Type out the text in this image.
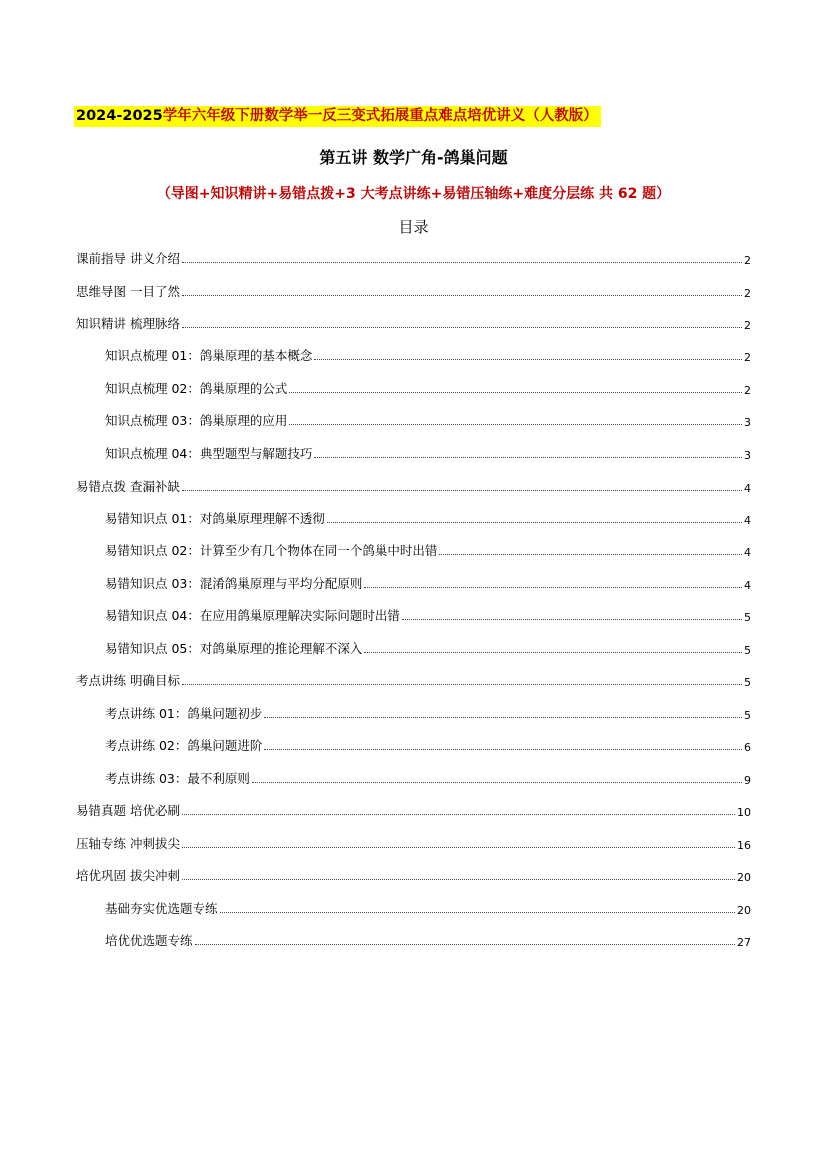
2024-2025学年六年级下册数学举一反三变式拓展重点难点培优讲义（人教版）
第五讲 数学广角-鸽巢问题
（导图+知识精讲+易错点拨+3 大考点讲练+易错压轴练+难度分层练 共 62 题）
目录
课前指导 讲义介绍	2
思维导图 一目了然	2
知识精讲 梳理脉络	2
知识点梳理 01：鸽巢原理的基本概念	2
知识点梳理 02：鸽巢原理的公式	2
知识点梳理 03：鸽巢原理的应用	3
知识点梳理 04：典型题型与解题技巧	3
易错点拨 查漏补缺	4
易错知识点 01：对鸽巢原理理解不透彻	4
易错知识点 02：计算至少有几个物体在同一个鸽巢中时出错	4
易错知识点 03：混淆鸽巢原理与平均分配原则	4
易错知识点 04：在应用鸽巢原理解决实际问题时出错	5
易错知识点 05：对鸽巢原理的推论理解不深入	5
考点讲练 明确目标	5
考点讲练 01：鸽巢问题初步	5
考点讲练 02：鸽巢问题进阶	6
考点讲练 03：最不利原则	9
易错真题 培优必刷	10
压轴专练 冲刺拔尖	16
培优巩固 拔尖冲刺	20
基础夯实优选题专练	20
培优优选题专练	27
